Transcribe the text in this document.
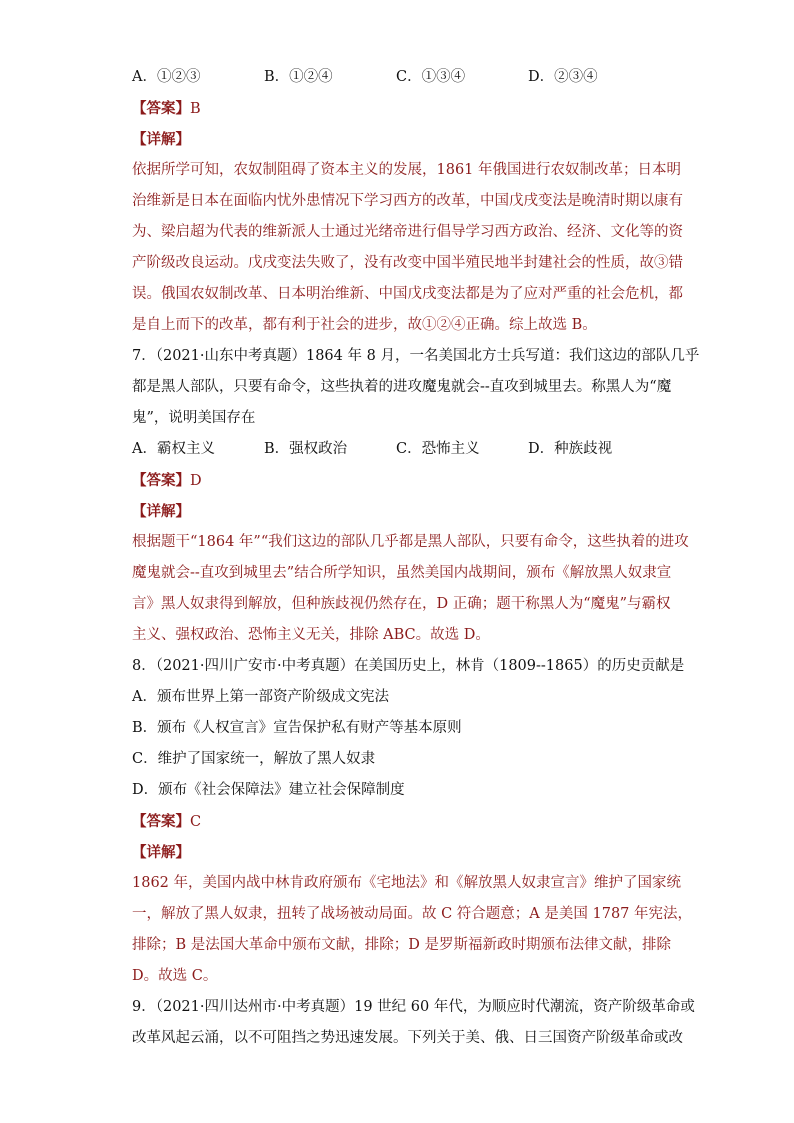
A．①②③	B．①②④	C．①③④	D．②③④
【答案】B
【详解】
依据所学可知，农奴制阻碍了资本主义的发展，1861 年俄国进行农奴制改革；日本明
治维新是日本在面临内忧外患情况下学习西方的改革，中国戊戌变法是晚清时期以康有
为、梁启超为代表的维新派人士通过光绪帝进行倡导学习西方政治、经济、文化等的资
产阶级改良运动。戊戌变法失败了，没有改变中国半殖民地半封建社会的性质，故③错
误。俄国农奴制改革、日本明治维新、中国戊戌变法都是为了应对严重的社会危机，都
是自上而下的改革，都有利于社会的进步，故①②④正确。综上故选 B。
7．（2021·山东中考真题）1864 年 8 月，一名美国北方士兵写道：我们这边的部队几乎
都是黑人部队，只要有命令，这些执着的进攻魔鬼就会--直攻到城里去。称黑人为“魔
鬼”，说明美国存在
A．霸权主义	B．强权政治	C．恐怖主义	D．种族歧视
【答案】D
【详解】
根据题干“1864 年”“我们这边的部队几乎都是黑人部队，只要有命令，这些执着的进攻
魔鬼就会--直攻到城里去”结合所学知识，虽然美国内战期间，颁布《解放黑人奴隶宣
言》黑人奴隶得到解放，但种族歧视仍然存在，D 正确；题干称黑人为“魔鬼”与霸权
主义、强权政治、恐怖主义无关，排除 ABC。故选 D。
8．（2021·四川广安市·中考真题）在美国历史上，林肯（1809--1865）的历史贡献是
A．颁布世界上第一部资产阶级成文宪法
B．颁布《人权宣言》宣告保护私有财产等基本原则
C．维护了国家统一，解放了黑人奴隶
D．颁布《社会保障法》建立社会保障制度
【答案】C
【详解】
1862 年，美国内战中林肯政府颁布《宅地法》和《解放黑人奴隶宣言》维护了国家统
一，解放了黑人奴隶，扭转了战场被动局面。故 C 符合题意；A 是美国 1787 年宪法，
排除；B 是法国大革命中颁布文献，排除；D 是罗斯福新政时期颁布法律文献，排除
D。故选 C。
9．（2021·四川达州市·中考真题）19 世纪 60 年代，为顺应时代潮流，资产阶级革命或
改革风起云涌，以不可阻挡之势迅速发展。下列关于美、俄、日三国资产阶级革命或改
